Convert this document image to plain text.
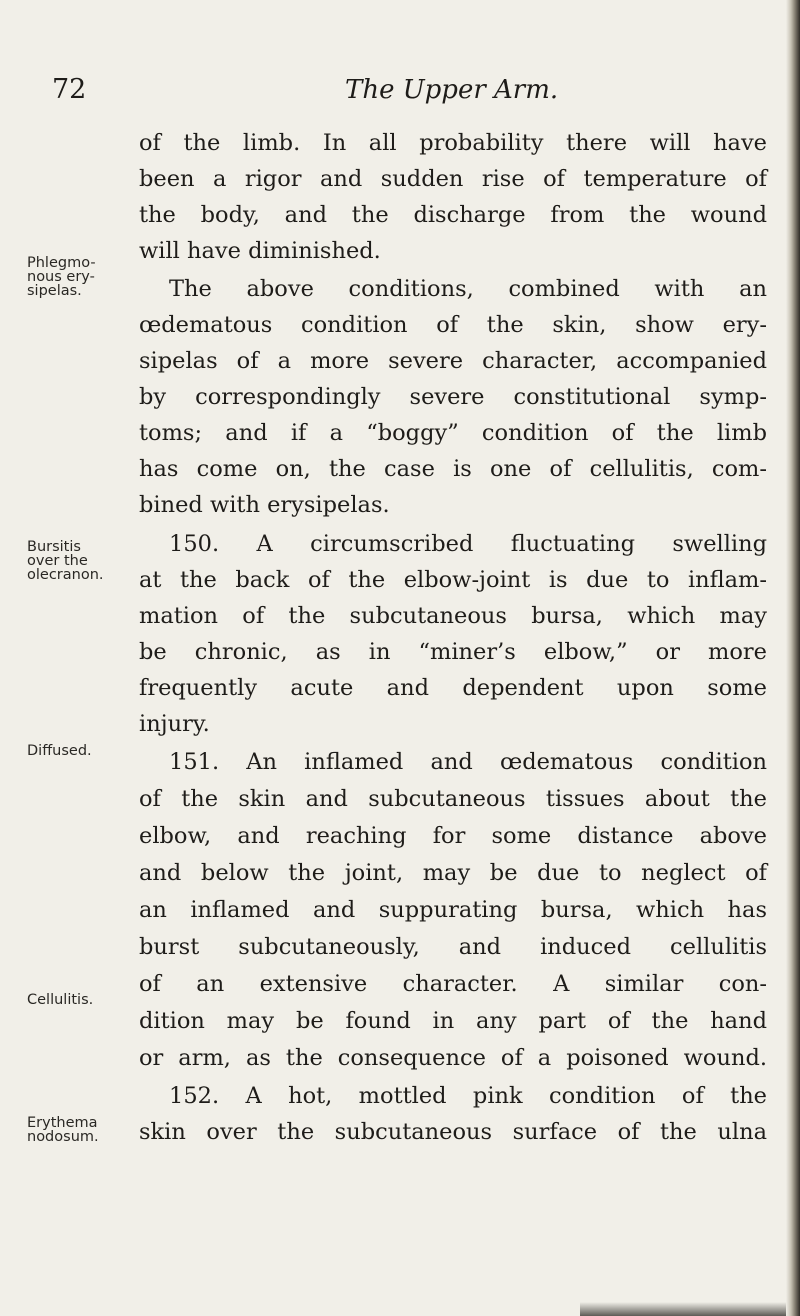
72	The Upper Arm.
Phlegmo-
nous ery-
sipelas.
Bursitis
over the
olecranon.
Diffused.
Cellulitis.
Erythema
nodosum.
of the limb. In all probability there will have
been a rigor and sudden rise of temperature of
the body, and the discharge from the wound
will have diminished.
The above conditions, combined with an
œdematous condition of the skin, show ery-
sipelas of a more severe character, accompanied
by correspondingly severe constitutional symp-
toms; and if a “boggy” condition of the limb
has come on, the case is one of cellulitis, com-
bined with erysipelas.
150. A circumscribed fluctuating swelling
at the back of the elbow-joint is due to inflam-
mation of the subcutaneous bursa, which may
be chronic, as in “miner’s elbow,” or more
frequently acute and dependent upon some
injury.
151. An inflamed and œdematous condition
of the skin and subcutaneous tissues about the
elbow, and reaching for some distance above
and below the joint, may be due to neglect of
an inflamed and suppurating bursa, which has
burst subcutaneously, and induced cellulitis
of an extensive character. A similar con-
dition may be found in any part of the hand
or arm, as the consequence of a poisoned wound.
152. A hot, mottled pink condition of the
skin over the subcutaneous surface of the ulna
